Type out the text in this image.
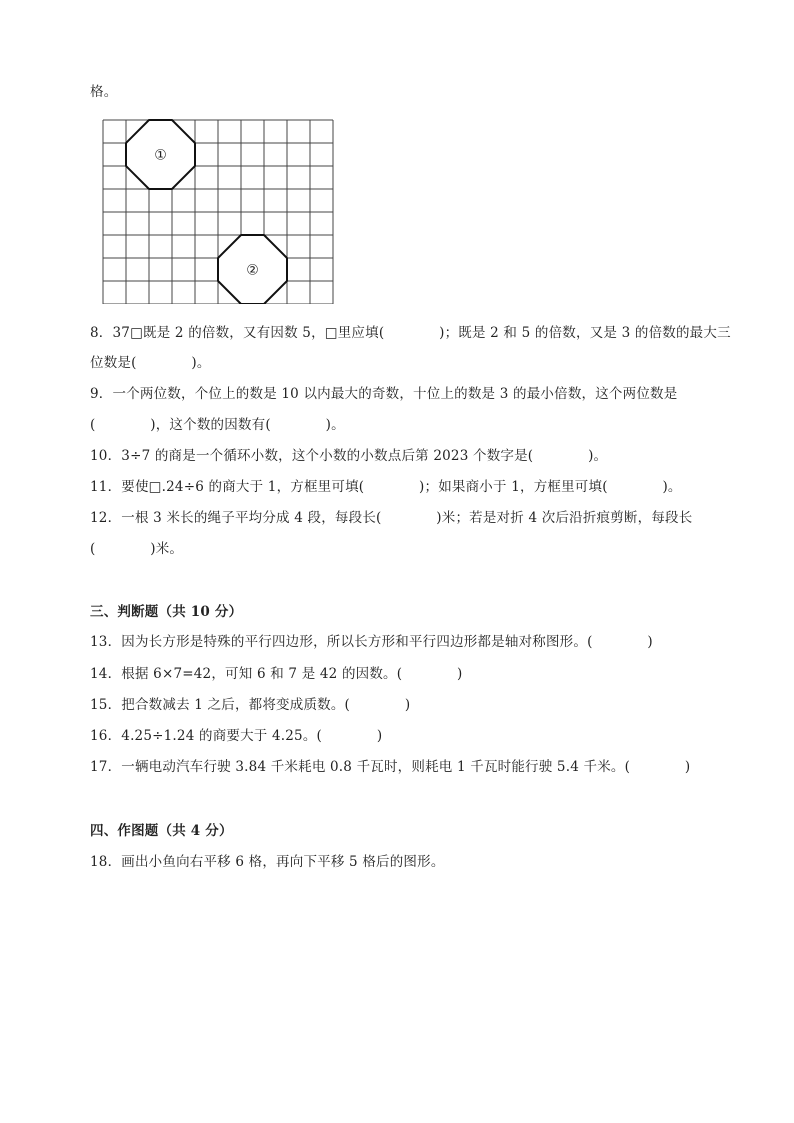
格。
①
②
8．37□既是 2 的倍数，又有因数 5，□里应填(　　　　)；既是 2 和 5 的倍数，又是 3 的倍数的最大三
位数是(　　　　)。
9．一个两位数，个位上的数是 10 以内最大的奇数，十位上的数是 3 的最小倍数，这个两位数是
(　　　　)，这个数的因数有(　　　　)。
10．3÷7 的商是一个循环小数，这个小数的小数点后第 2023 个数字是(　　　　)。
11．要使□.24÷6 的商大于 1，方框里可填(　　　　)；如果商小于 1，方框里可填(　　　　)。
12．一根 3 米长的绳子平均分成 4 段，每段长(　　　　)米；若是对折 4 次后沿折痕剪断，每段长
(　　　　)米。
三、判断题（共 10 分）
13．因为长方形是特殊的平行四边形，所以长方形和平行四边形都是轴对称图形。(　　　　)
14．根据 6×7=42，可知 6 和 7 是 42 的因数。(　　　　)
15．把合数减去 1 之后，都将变成质数。(　　　　)
16．4.25÷1.24 的商要大于 4.25。(　　　　)
17．一辆电动汽车行驶 3.84 千米耗电 0.8 千瓦时，则耗电 1 千瓦时能行驶 5.4 千米。(　　　　)
四、作图题（共 4 分）
18．画出小鱼向右平移 6 格，再向下平移 5 格后的图形。
